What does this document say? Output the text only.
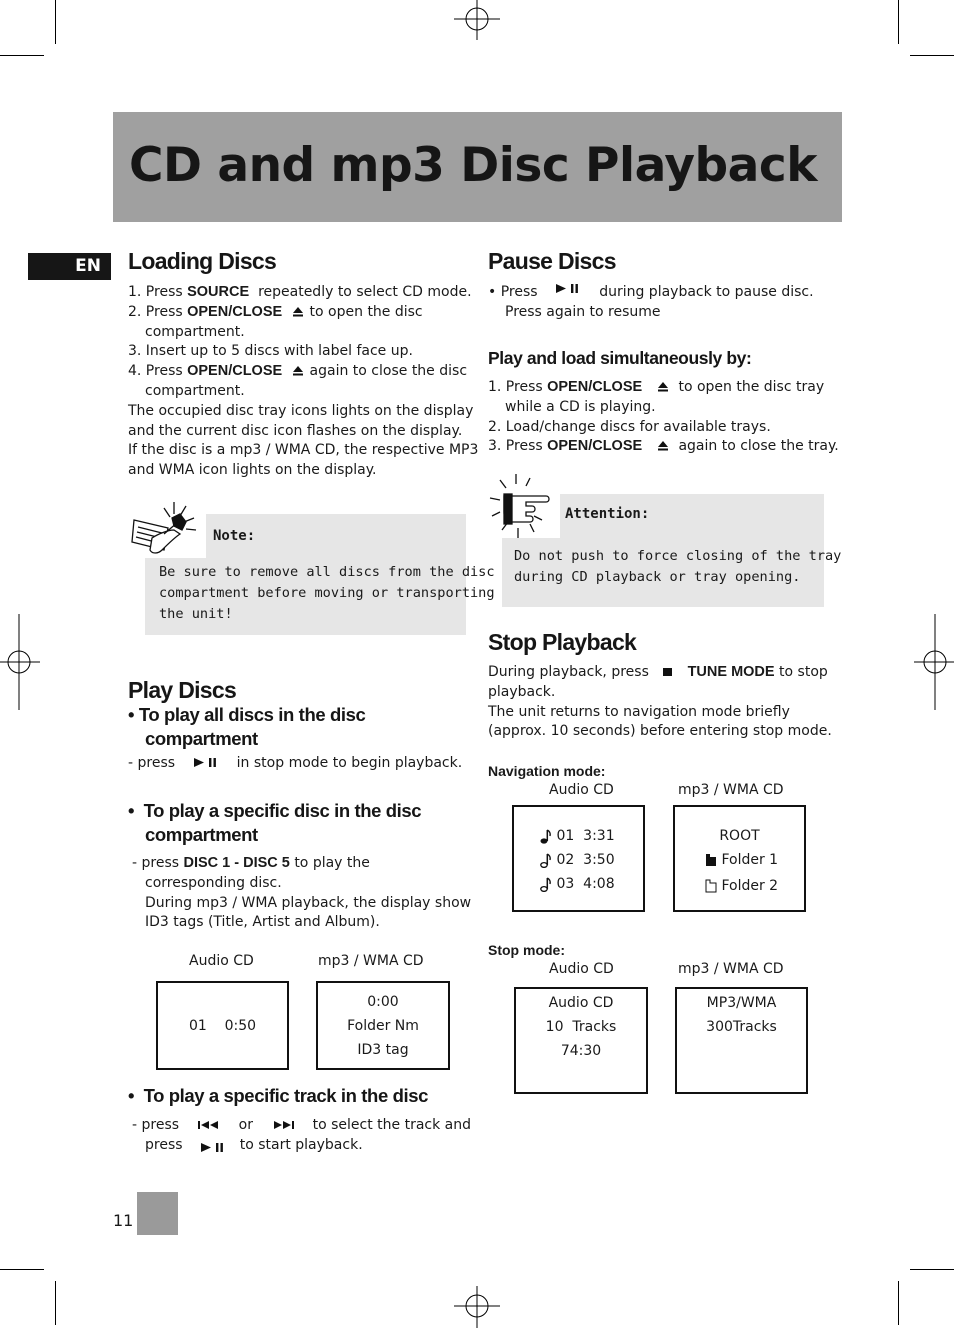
CD and mp3 Disc Playback
EN	Loading Discs
1. Press SOURCE repeatedly to select CD mode.
2. Press OPEN/CLOSE to open the disc
compartment.
3. Insert up to 5 discs with label face up.
4. Press OPEN/CLOSE again to close the disc
compartment.
The occupied disc tray icons lights on the display
and the current disc icon flashes on the display.
If the disc is a mp3 / WMA CD, the respective MP3
and WMA icon lights on the display.
Note:
Be sure to remove all discs from the disc
compartment before moving or transporting
the unit!
Play Discs
• To play all discs in the disc
compartment
- press	in stop mode to begin playback.
• To play a specific disc in the disc
compartment
- press DISC 1 - DISC 5 to play the
corresponding disc.
During mp3 / WMA playback, the display show
ID3 tags (Title, Artist and Album).
Audio CD	mp3 / WMA CD
01    0:50
0:00
Folder Nm
ID3 tag
• To play a specific track in the disc
- press	or	to select the track and
press	to start playback.
Pause Discs
• Press	during playback to pause disc.
Press again to resume
Play and load simultaneously by:
1. Press OPEN/CLOSE	to open the disc tray
while a CD is playing.
2. Load/change discs for available trays.
3. Press OPEN/CLOSE	again to close the tray.
Attention:
Do not push to force closing of the tray
during CD playback or tray opening.
Stop Playback
During playback, press	TUNE MODE to stop
playback.
The unit returns to navigation mode briefly
(approx. 10 seconds) before entering stop mode.
Navigation mode:
Audio CD	mp3 / WMA CD
01  3:31
02  3:50
03  4:08
ROOT
Folder 1
Folder 2
Stop mode:
Audio CD	mp3 / WMA CD
Audio CD
10  Tracks
74:30
MP3/WMA
300Tracks
11
